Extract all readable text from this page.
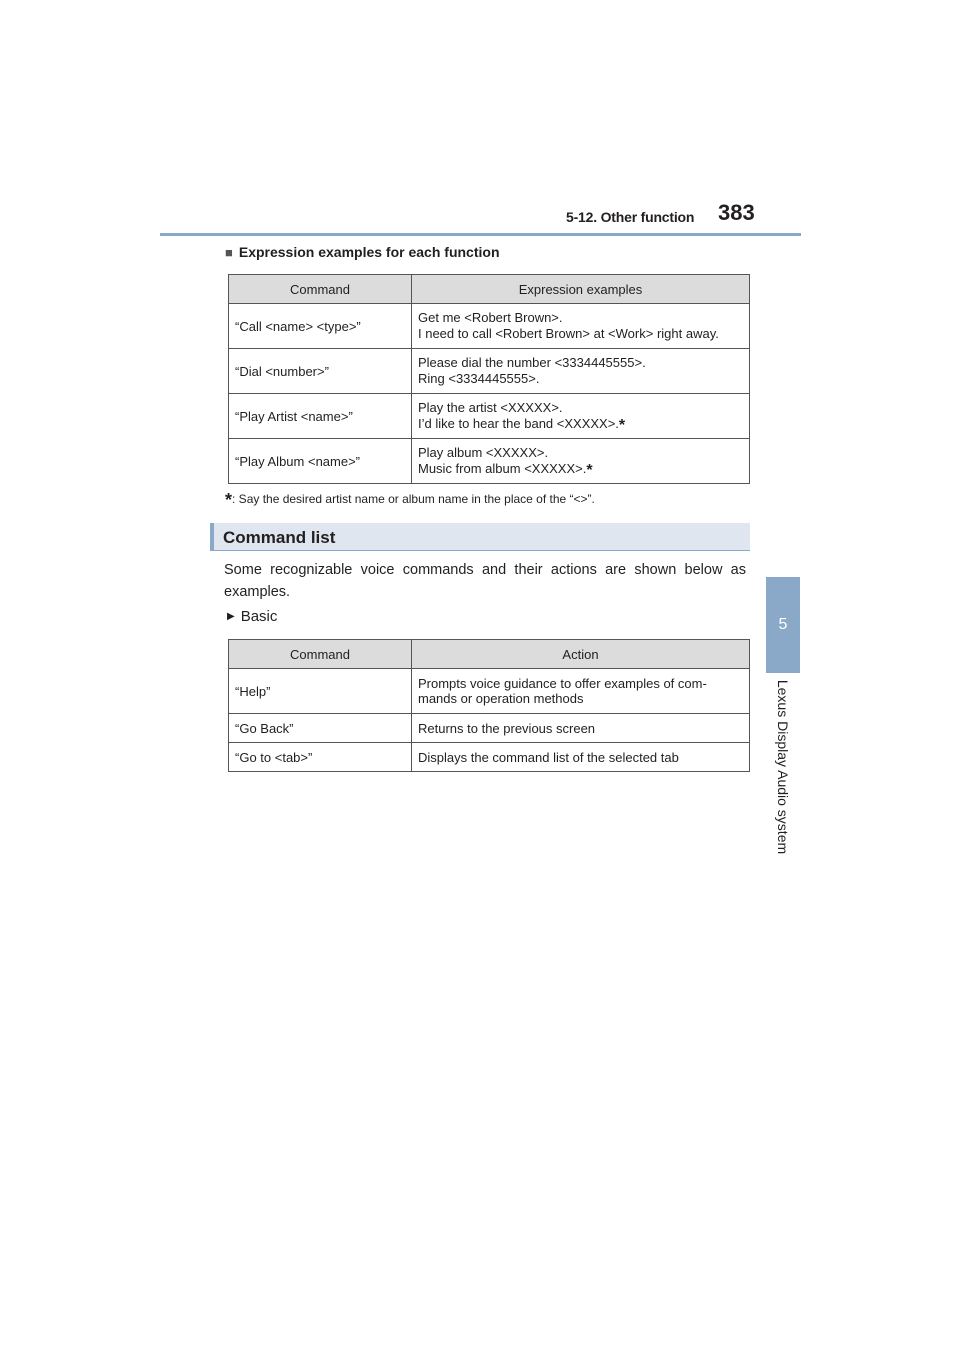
5-12. Other function	383
5
Lexus Display Audio system
■ Expression examples for each function
Command	Expression examples
“Call <name> <type>”	Get me <Robert Brown>.
I need to call <Robert Brown> at <Work> right away.

“Dial <number>”	Please dial the number <3334445555>.
Ring <3334445555>.

“Play Artist <name>”	Play the artist <XXXXX>.
I’d like to hear the band <XXXXX>.*

“Play Album <name>”	Play album <XXXXX>.
Music from album <XXXXX>.*
*: Say the desired artist name or album name in the place of the “<>”.
Command list
Some recognizable voice commands and their actions are shown below as examples.
▶ Basic
Command	Action
“Help”	Prompts voice guidance to offer examples of com-mands or operation methods
“Go Back”	Returns to the previous screen
“Go to <tab>”	Displays the command list of the selected tab
